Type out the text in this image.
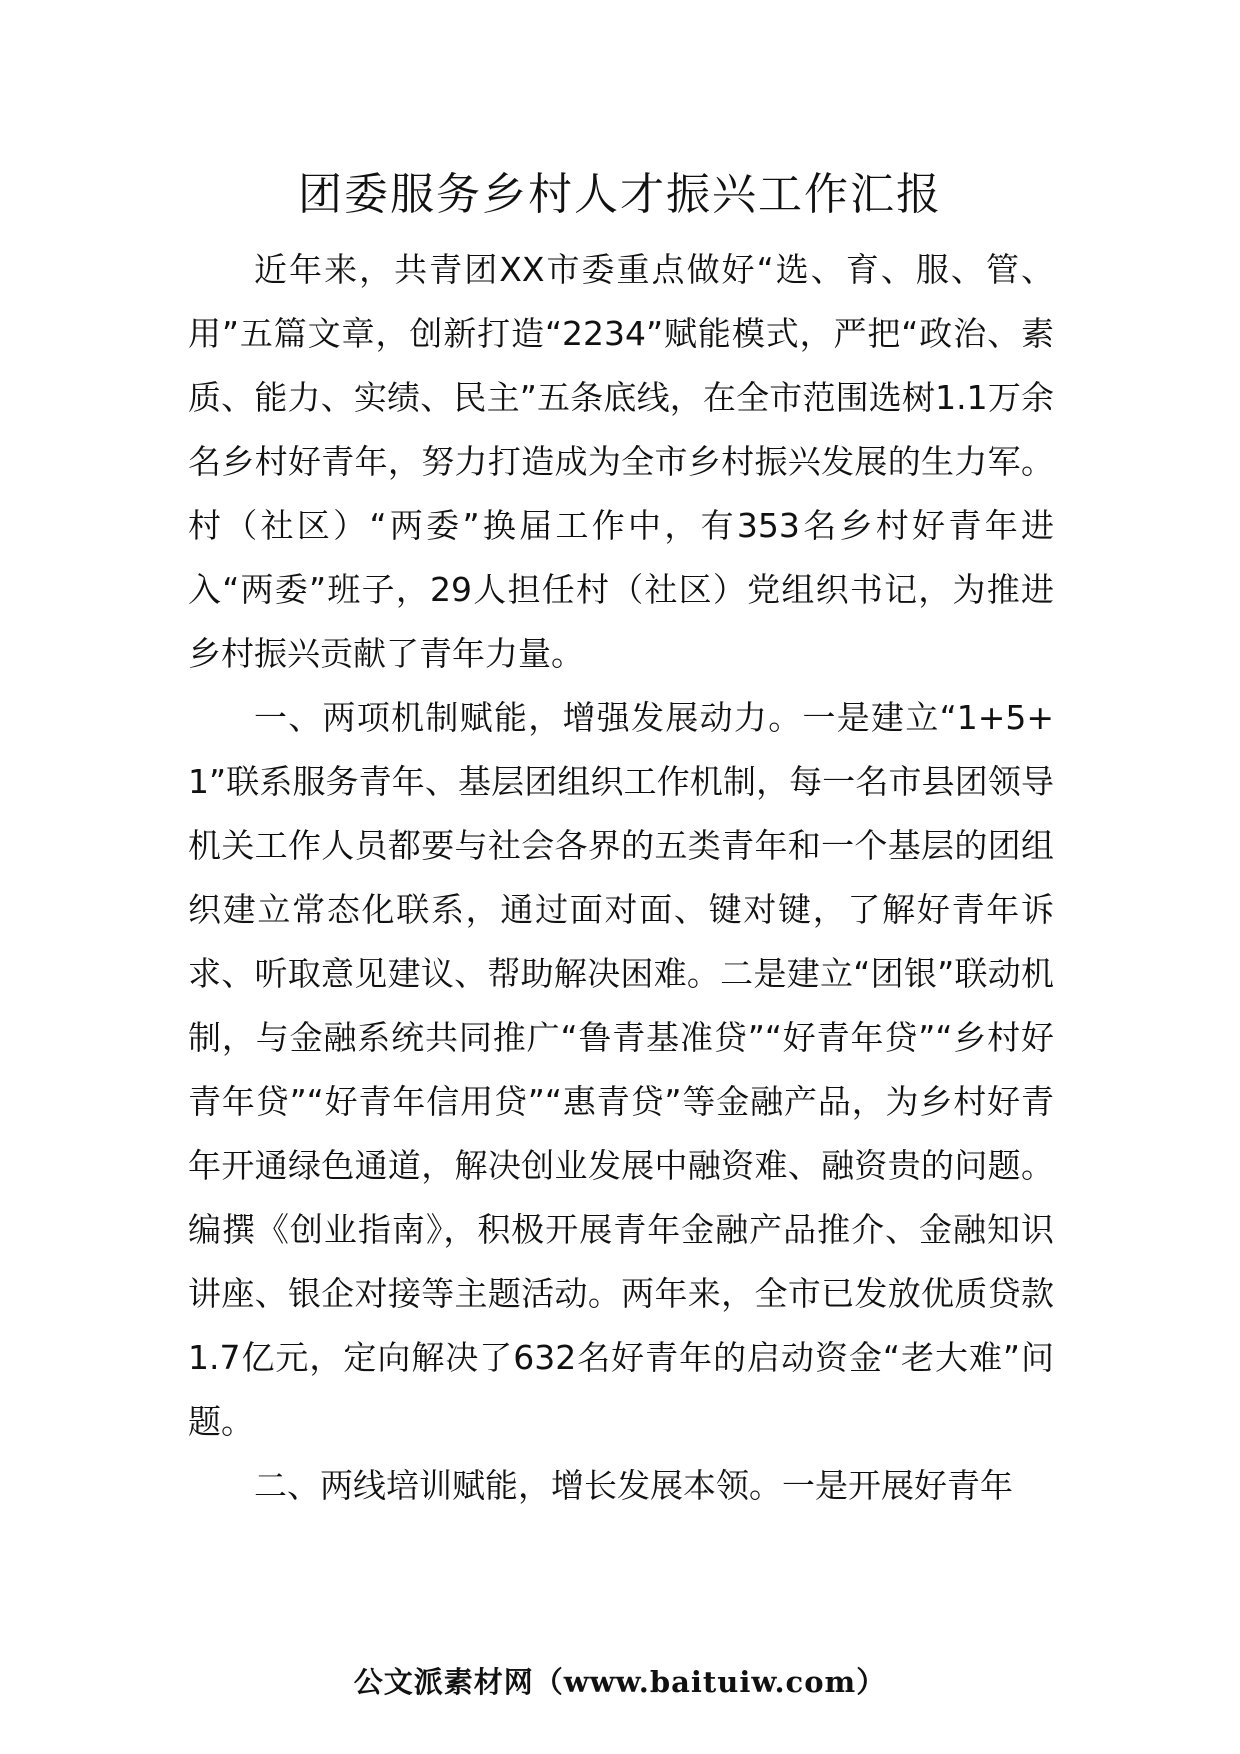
团委服务乡村人才振兴工作汇报

近年来，共青团XX市委重点做好“选、育、服、管、用”五篇文章，创新打造“2234”赋能模式，严把“政治、素质、能力、实绩、民主”五条底线，在全市范围选树1.1万余名乡村好青年，努力打造成为全市乡村振兴发展的生力军。村（社区）“两委”换届工作中，有353名乡村好青年进入“两委”班子，29人担任村（社区）党组织书记，为推进乡村振兴贡献了青年力量。

一、两项机制赋能，增强发展动力。一是建立“1+5+1”联系服务青年、基层团组织工作机制，每一名市县团领导机关工作人员都要与社会各界的五类青年和一个基层的团组织建立常态化联系，通过面对面、键对键，了解好青年诉求、听取意见建议、帮助解决困难。二是建立“团银”联动机制，与金融系统共同推广“鲁青基准贷”“好青年贷”“乡村好青年贷”“好青年信用贷”“惠青贷”等金融产品，为乡村好青年开通绿色通道，解决创业发展中融资难、融资贵的问题。编撰《创业指南》，积极开展青年金融产品推介、金融知识讲座、银企对接等主题活动。两年来，全市已发放优质贷款1.7亿元，定向解决了632名好青年的启动资金“老大难”问题。

二、两线培训赋能，增长发展本领。一是开展好青年

公文派素材网（www.baituiw.com）
